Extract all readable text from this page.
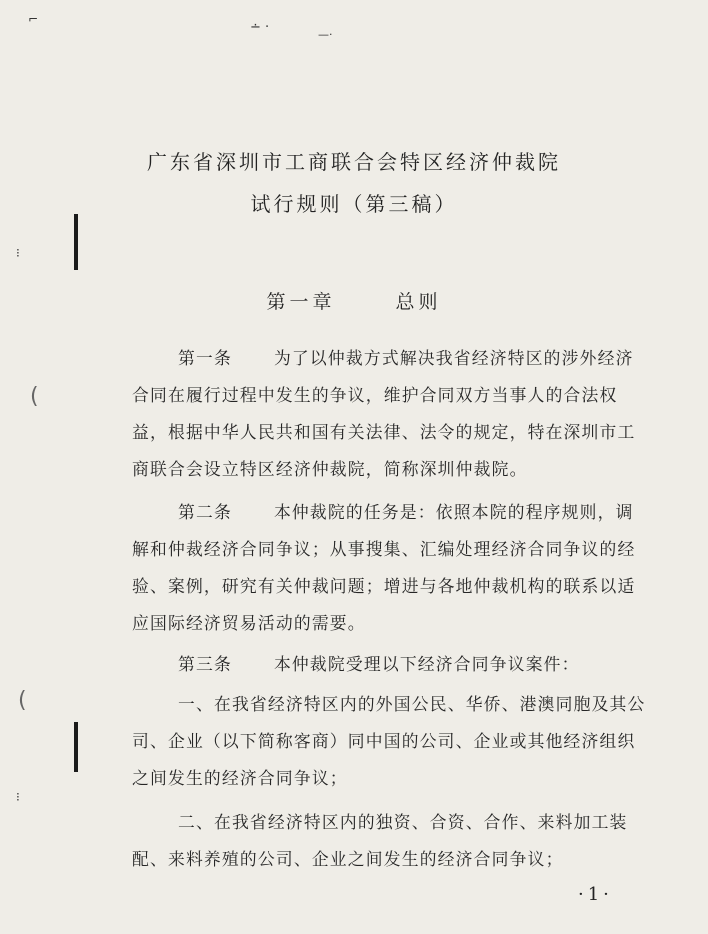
⌐
∸ ·	—·
⁝
(
(
⁝
广东省深圳市工商联合会特区经济仲裁院
试行规则（第三稿）
第一章	总则

第一条	为了以仲裁方式解决我省经济特区的涉外经济合同在履行过程中发生的争议，维护合同双方当事人的合法权益，根据中华人民共和国有关法律、法令的规定，特在深圳市工商联合会设立特区经济仲裁院，简称深圳仲裁院。

第二条	本仲裁院的任务是：依照本院的程序规则，调解和仲裁经济合同争议；从事搜集、汇编处理经济合同争议的经验、案例，研究有关仲裁问题；增进与各地仲裁机构的联系以适应国际经济贸易活动的需要。

第三条	本仲裁院受理以下经济合同争议案件：

一、在我省经济特区内的外国公民、华侨、港澳同胞及其公司、企业（以下简称客商）同中国的公司、企业或其他经济组织之间发生的经济合同争议；

二、在我省经济特区内的独资、合资、合作、来料加工装配、来料养殖的公司、企业之间发生的经济合同争议；

·1·
